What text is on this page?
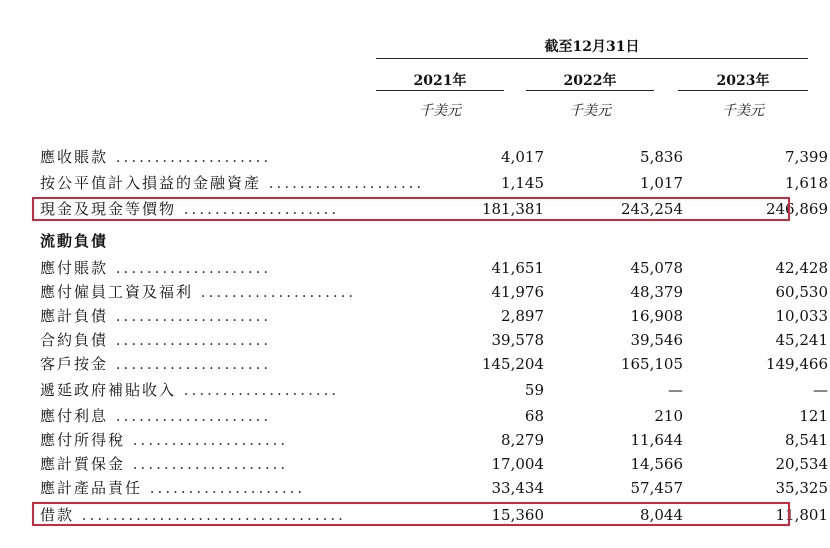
截至12月31日
2021年	2022年	2023年
千美元	千美元	千美元
應收賬款 ....................	4,017	5,836	7,399
按公平值計入損益的金融資產 ....................	1,145	1,017	1,618
現金及現金等價物 ....................	181,381	243,254	246,869
流動負債
應付賬款 ....................	41,651	45,078	42,428
應付僱員工資及福利 ....................	41,976	48,379	60,530
應計負債 ....................	2,897	16,908	10,033
合約負債 ....................	39,578	39,546	45,241
客戶按金 ....................	145,204	165,105	149,466
遞延政府補貼收入 ....................	59	—	—
應付利息 ....................	68	210	121
應付所得稅 ....................	8,279	11,644	8,541
應計質保金 ....................	17,004	14,566	20,534
應計產品責任 ....................	33,434	57,457	35,325
借款 ..................................	15,360	8,044	11,801
